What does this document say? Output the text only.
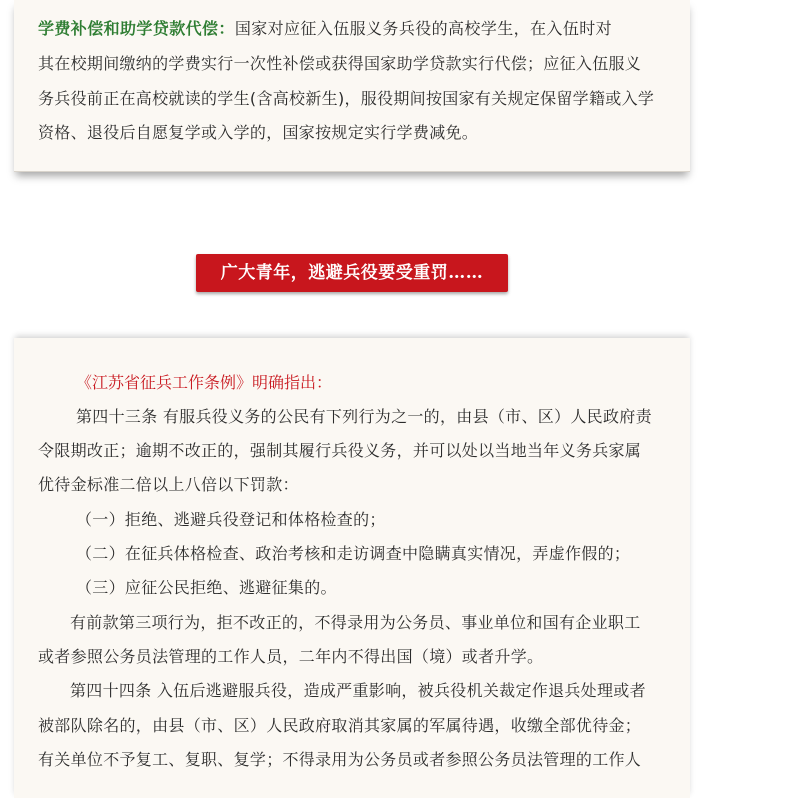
学费补偿和助学贷款代偿：国家对应征入伍服义务兵役的高校学生，在入伍时对

其在校期间缴纳的学费实行一次性补偿或获得国家助学贷款实行代偿；应征入伍服义

务兵役前正在高校就读的学生(含高校新生)，服役期间按国家有关规定保留学籍或入学

资格、退役后自愿复学或入学的，国家按规定实行学费减免。

广大青年，逃避兵役要受重罚……

《江苏省征兵工作条例》明确指出：

第四十三条 有服兵役义务的公民有下列行为之一的，由县（市、区）人民政府责

令限期改正；逾期不改正的，强制其履行兵役义务，并可以处以当地当年义务兵家属

优待金标准二倍以上八倍以下罚款：

（一）拒绝、逃避兵役登记和体格检查的；

（二）在征兵体格检查、政治考核和走访调查中隐瞒真实情况，弄虚作假的；

（三）应征公民拒绝、逃避征集的。

有前款第三项行为，拒不改正的，不得录用为公务员、事业单位和国有企业职工

或者参照公务员法管理的工作人员，二年内不得出国（境）或者升学。

第四十四条 入伍后逃避服兵役，造成严重影响，被兵役机关裁定作退兵处理或者

被部队除名的，由县（市、区）人民政府取消其家属的军属待遇，收缴全部优待金；

有关单位不予复工、复职、复学；不得录用为公务员或者参照公务员法管理的工作人
